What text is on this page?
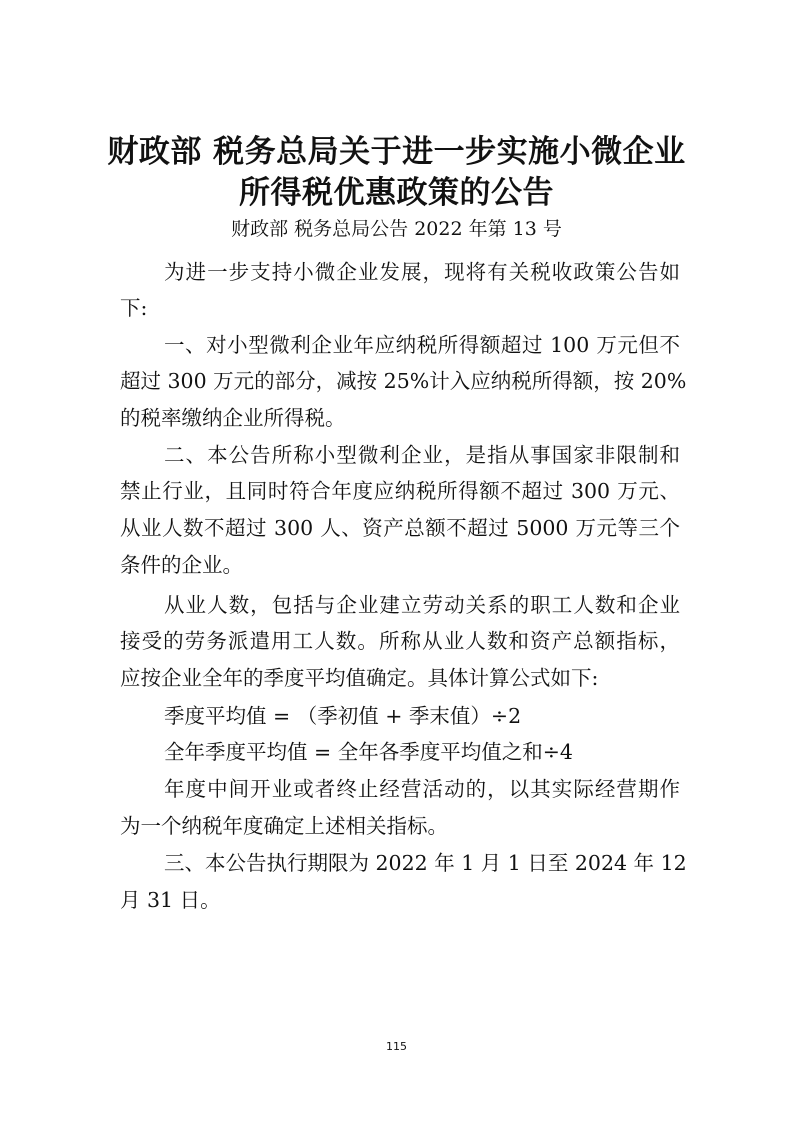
财政部 税务总局关于进一步实施小微企业
所得税优惠政策的公告
财政部 税务总局公告 2022 年第 13 号
为进一步支持小微企业发展，现将有关税收政策公告如
下:
一、对小型微利企业年应纳税所得额超过 100 万元但不
超过 300 万元的部分，减按 25%计入应纳税所得额，按 20%
的税率缴纳企业所得税。
二、本公告所称小型微利企业，是指从事国家非限制和
禁止行业，且同时符合年度应纳税所得额不超过 300 万元、
从业人数不超过 300 人、资产总额不超过 5000 万元等三个
条件的企业。
从业人数，包括与企业建立劳动关系的职工人数和企业
接受的劳务派遣用工人数。所称从业人数和资产总额指标，
应按企业全年的季度平均值确定。具体计算公式如下:
季度平均值 = （季初值 + 季末值）÷2
全年季度平均值 = 全年各季度平均值之和÷4
年度中间开业或者终止经营活动的，以其实际经营期作
为一个纳税年度确定上述相关指标。
三、本公告执行期限为 2022 年 1 月 1 日至 2024 年 12
月 31 日。
115
